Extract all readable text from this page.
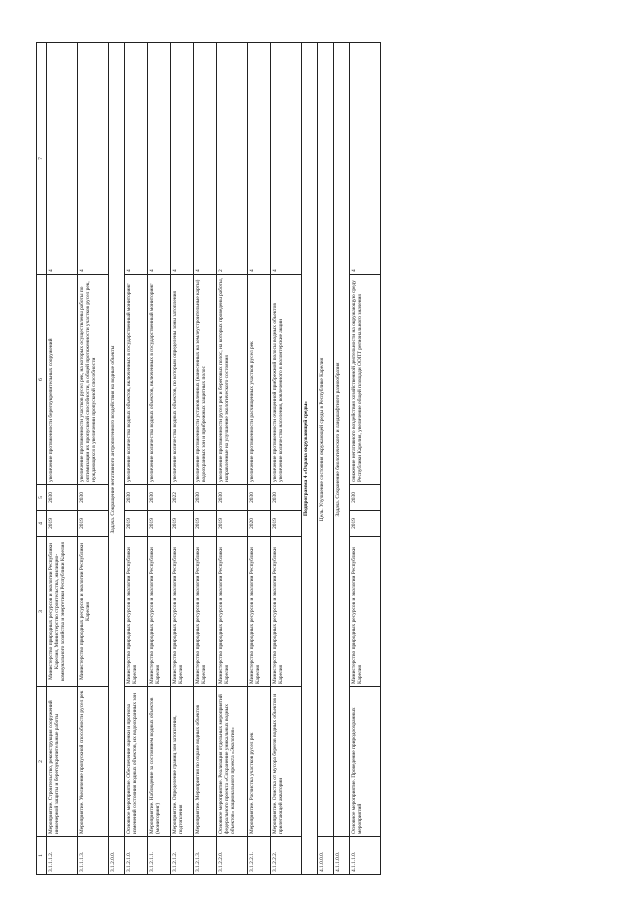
1	2	3	4	5	6	7
3.1.1.1.2.	Мероприятие. Строительство, реконструкция сооружений инженерной защиты и берегоукрепительные работы	Министерство природных ресурсов и экологии Республики Карелия, Министерство строительства, жилищно-коммунального хозяйства и энергетики Республики Карелия	2019	2030	увеличение протяженности берегоукрепительных сооружений	4
3.1.1.1.3.	Мероприятие. Увеличение пропускной способности русел рек	Министерство природных ресурсов и экологии Республики Карелия	2019	2030	увеличение протяженности участков русел рек, на которых осуществлены работы по оптимизации их пропускной способности, в общей протяженности участков русел рек, нуждающихся в увеличении пропускной способности	4
3.1.2.0.0.	Задача. Сокращение негативного антропогенного воздействия на водные объекты					
3.1.2.1.0.	Основное мероприятие. Обеспечение оценки и прогноза изменений состояния водных объектов, их водоохранных зон	Министерство природных ресурсов и экологии Республики Карелия	2019	2030	увеличение количества водных объектов, включенных в государственный мониторинг	4
3.1.2.1.1.	Мероприятие. Наблюдение за состоянием водных объектов (мониторинг)	Министерство природных ресурсов и экологии Республики Карелия	2019	2030	увеличение количества водных объектов, включенных в государственный мониторинг	4
3.1.2.1.2.	Мероприятие. Определение границ зон затопления, подтопления	Министерство природных ресурсов и экологии Республики Карелия	2019	2022	увеличение количества водных объектов, по которым определены зоны затопления	4
3.1.2.1.3.	Мероприятие. Мероприятия по охране водных объектов	Министерство природных ресурсов и экологии Республики Карелия	2019	2030	увеличение протяженности установленных (нанесенных на землеустроительные карты) водоохранных зон и прибрежных защитных полос	4
3.1.2.2.0.	Основное мероприятие. Реализация отдельных мероприятий федерального проекта «Сохранение уникальных водных объектов» национального проекта «Экология»	Министерство природных ресурсов и экологии Республики Карелия	2019	2030	увеличение протяженности русел рек и береговых полос, на которых проведены работы, направленные на улучшение экологического состояния	2
3.1.2.2.1.	Мероприятие. Расчистка участков русел рек	Министерство природных ресурсов и экологии Республики Карелия	2020	2030	увеличение протяженности расчищенных участков русел рек	4
3.1.2.2.2.	Мероприятие. Очистка от мусора берегов водных объектов и прилегающей акватории	Министерство природных ресурсов и экологии Республики Карелия	2019	2030	увеличение протяженности очищенной прибрежной полосы водных объектов увеличение количества населения, вовлеченного в волонтерские акции	4
Подпрограмма 4 «Охрана окружающей среды»						
4.1.0.0.0.	Цель. Улучшение состояния окружающей среды в Республике Карелия					
4.1.1.0.0.	Задача. Сохранение биологического и ландшафтного разнообразия					
4.1.1.1.0.	Основное мероприятие. Проведение природоохранных мероприятий	Министерство природных ресурсов и экологии Республики Карелия	2019	2030	снижение негативного воздействия хозяйственной деятельности на окружающую среду Республики Карелия, увеличение общей площади ООПТ регионального значения	4
